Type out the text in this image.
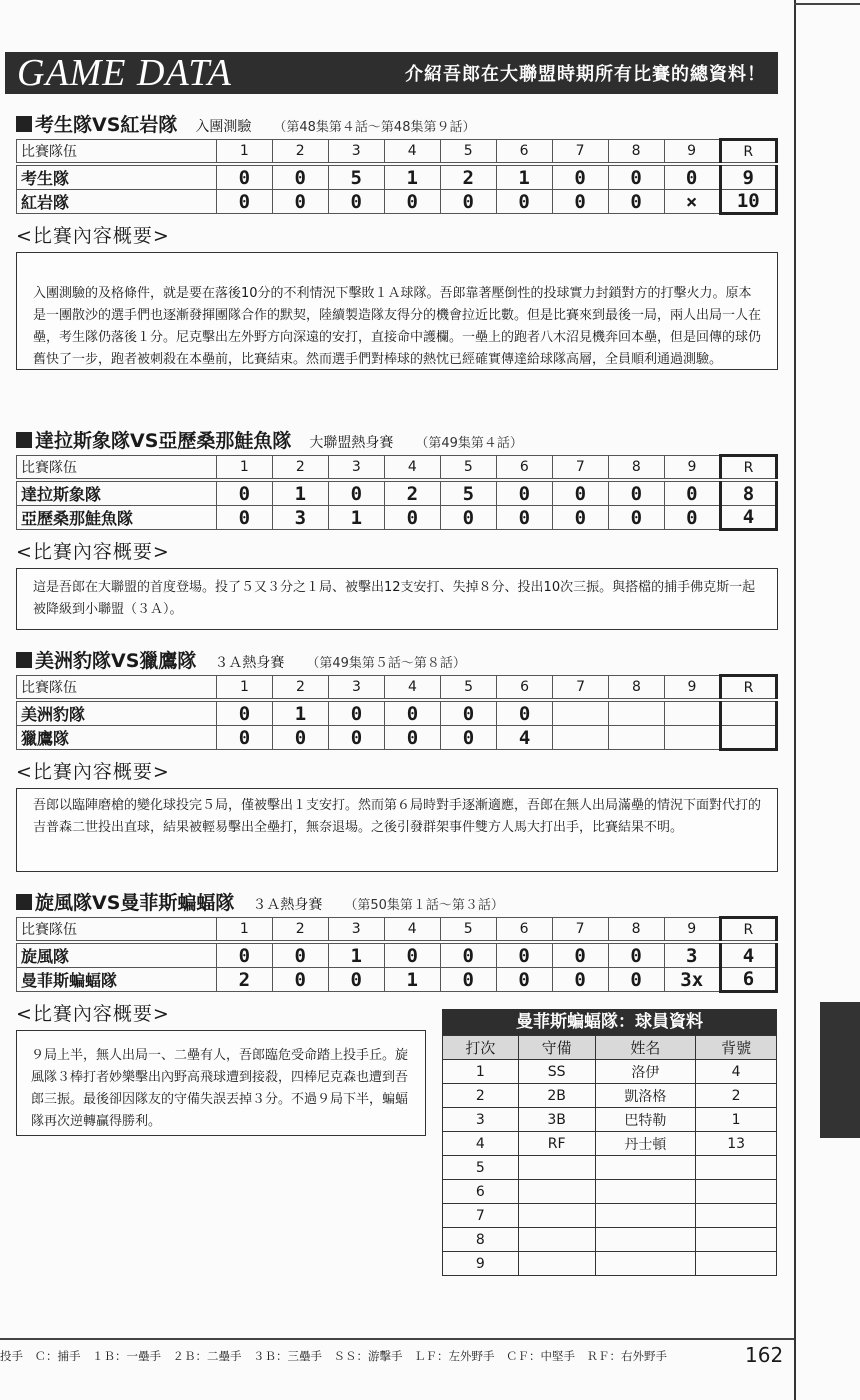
GAME DATA	介紹吾郎在大聯盟時期所有比賽的總資料！
考生隊VS紅岩隊 入團測驗 （第48集第４話～第48集第９話）
比賽隊伍	1	2	3	4	5	6	7	8	9	R

考生隊	0	0	5	1	2	1	0	0	0	9
紅岩隊	0	0	0	0	0	0	0	0	×	10
<比賽內容概要>
入團測驗的及格條件，就是要在落後10分的不利情況下擊敗１Ａ球隊。吾郎靠著壓倒性的投球實力封鎖對方的打擊火力。原本是一團散沙的選手們也逐漸發揮團隊合作的默契，陸續製造隊友得分的機會拉近比數。但是比賽來到最後一局，兩人出局一人在壘，考生隊仍落後１分。尼克擊出左外野方向深遠的安打，直接命中護欄。一壘上的跑者八木沼見機奔回本壘，但是回傳的球仍舊快了一步，跑者被刺殺在本壘前，比賽結束。然而選手們對棒球的熱忱已經確實傳達給球隊高層，全員順利通過測驗。
達拉斯象隊VS亞歷桑那鮭魚隊 大聯盟熱身賽 （第49集第４話）
比賽隊伍	1	2	3	4	5	6	7	8	9	R

達拉斯象隊	0	1	0	2	5	0	0	0	0	8
亞歷桑那鮭魚隊	0	3	1	0	0	0	0	0	0	4
<比賽內容概要>
這是吾郎在大聯盟的首度登場。投了５又３分之１局、被擊出12支安打、失掉８分、投出10次三振。與搭檔的捕手佛克斯一起被降級到小聯盟（３Ａ）。
美洲豹隊VS獵鷹隊 ３Ａ熱身賽 （第49集第５話～第８話）
比賽隊伍	1	2	3	4	5	6	7	8	9	R

美洲豹隊	0	1	0	0	0	0				
獵鷹隊	0	0	0	0	0	4				
<比賽內容概要>
吾郎以臨陣磨槍的變化球投完５局，僅被擊出１支安打。然而第６局時對手逐漸適應，吾郎在無人出局滿壘的情況下面對代打的吉普森二世投出直球，結果被輕易擊出全壘打，無奈退場。之後引發群架事件雙方人馬大打出手，比賽結果不明。
旋風隊VS曼菲斯蝙蝠隊 ３Ａ熱身賽 （第50集第１話～第３話）
比賽隊伍	1	2	3	4	5	6	7	8	9	R

旋風隊	0	0	1	0	0	0	0	0	3	4
曼菲斯蝙蝠隊	2	0	0	1	0	0	0	0	3x	6
<比賽內容概要>
９局上半，無人出局一、二壘有人，吾郎臨危受命踏上投手丘。旋風隊３棒打者妙樂擊出內野高飛球遭到接殺，四棒尼克森也遭到吾郎三振。最後卻因隊友的守備失誤丟掉３分。不過９局下半，蝙蝠隊再次逆轉贏得勝利。
曼菲斯蝙蝠隊：球員資料
打次	守備	姓名	背號
1	SS	洛伊	4
2	2B	凱洛格	2
3	3B	巴特勒	1
4	RF	丹士頓	13
5			
6			
7			
8			
9			
投手　Ｃ：捕手　１Ｂ：一壘手　２Ｂ：二壘手　３Ｂ：三壘手　ＳＳ：游擊手　ＬＦ：左外野手　ＣＦ：中堅手　ＲＦ：右外野手	162
